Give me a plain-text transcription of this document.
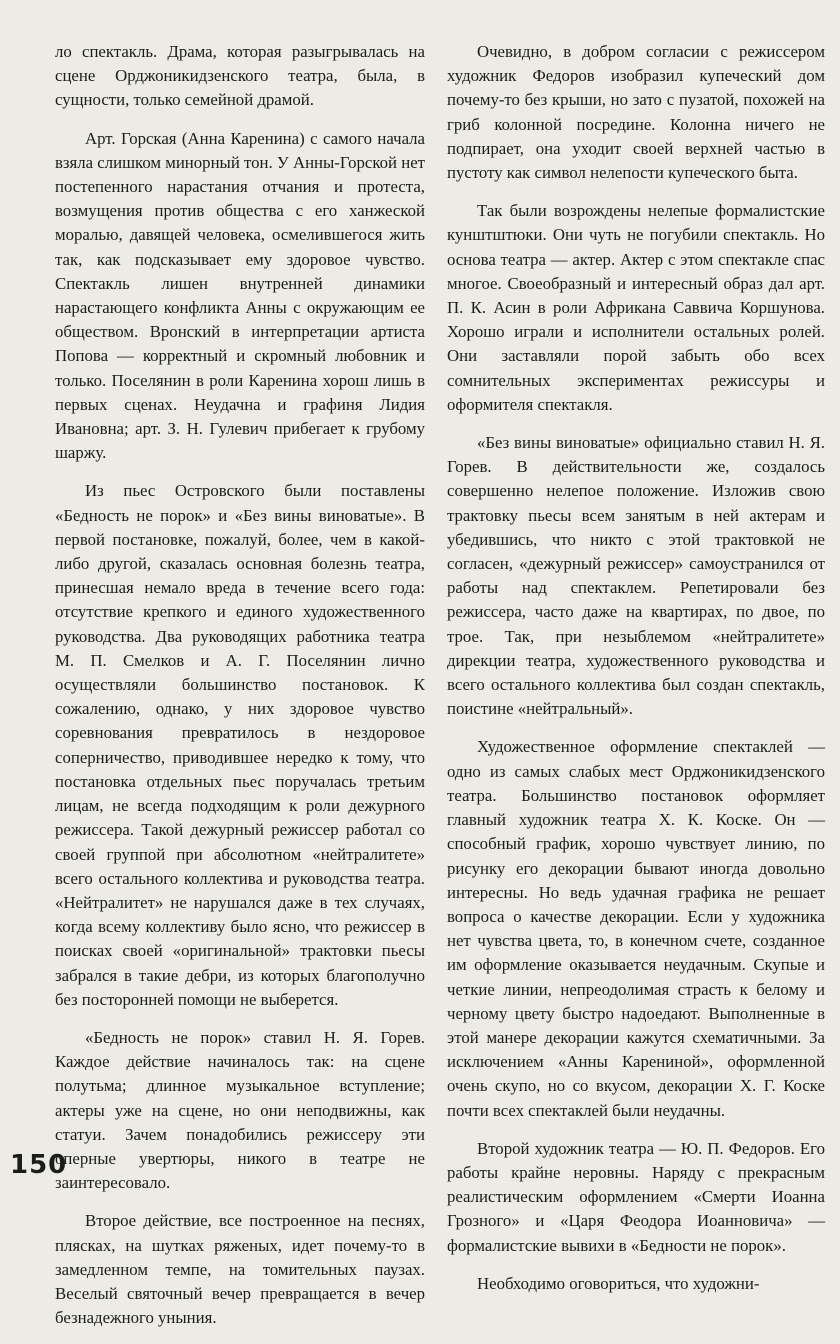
ло спектакль. Драма, которая разыгрывалась на сцене Орджоникидзенского театра, была, в сущности, только семейной драмой.

Арт. Горская (Анна Каренина) с самого начала взяла слишком минорный тон. У Анны-Горской нет постепенного нарастания отчания и протеста, возмущения против общества с его ханжеской моралью, давящей человека, осмелившегося жить так, как подсказывает ему здоровое чувство. Спектакль лишен внутренней динамики нарастающего конфликта Анны с окружающим ее обществом. Вронский в интерпретации артиста Попова — корректный и скромный любовник и только. Поселянин в роли Каренина хорош лишь в первых сценах. Неудачна и графиня Лидия Ивановна; арт. З. Н. Гулевич прибегает к грубому шаржу.

Из пьес Островского были поставлены «Бедность не порок» и «Без вины виноватые». В первой постановке, пожалуй, более, чем в какой-либо другой, сказалась основная болезнь театра, принесшая немало вреда в течение всего года: отсутствие крепкого и единого художественного руководства. Два руководящих работника театра М. П. Смелков и А. Г. Поселянин лично осуществляли большинство постановок. К сожалению, однако, у них здоровое чувство соревнования превратилось в нездоровое соперничество, приводившее нередко к тому, что постановка отдельных пьес поручалась третьим лицам, не всегда подходящим к роли дежурного режиссера. Такой дежурный режиссер работал со своей группой при абсолютном «нейтралитете» всего остального коллектива и руководства театра. «Нейтралитет» не нарушался даже в тех случаях, когда всему коллективу было ясно, что режиссер в поисках своей «оригинальной» трактовки пьесы забрался в такие дебри, из которых благополучно без посторонней помощи не выберется.

«Бедность не порок» ставил Н. Я. Горев. Каждое действие начиналось так: на сцене полутьма; длинное музыкальное вступление; актеры уже на сцене, но они неподвижны, как статуи. Зачем понадобились режиссеру эти оперные увертюры, никого в театре не заинтересовало.

Второе действие, все построенное на песнях, плясках, на шутках ряженых, идет почему-то в замедленном темпе, на томительных паузах. Веселый святочный вечер превращается в вечер безнадежного уныния.

Очевидно, в добром согласии с режиссером художник Федоров изобразил купеческий дом почему-то без крыши, но зато с пузатой, похожей на гриб колонной посредине. Колонна ничего не подпирает, она уходит своей верхней частью в пустоту как символ нелепости купеческого быта.

Так были возрождены нелепые формалистские кунштштюки. Они чуть не погубили спектакль. Но основа театра — актер. Актер с этом спектакле спас многое. Своеобразный и интересный образ дал арт. П. К. Асин в роли Африкана Саввича Коршунова. Хорошо играли и исполнители остальных ролей. Они заставляли порой забыть обо всех сомнительных экспериментах режиссуры и оформителя спектакля.

«Без вины виноватые» официально ставил Н. Я. Горев. В действительности же, создалось совершенно нелепое положение. Изложив свою трактовку пьесы всем занятым в ней актерам и убедившись, что никто с этой трактовкой не согласен, «дежурный режиссер» самоустранился от работы над спектаклем. Репетировали без режиссера, часто даже на квартирах, по двое, по трое. Так, при незыблемом «нейтралитете» дирекции театра, художественного руководства и всего остального коллектива был создан спектакль, поистине «нейтральный».

Художественное оформление спектаклей — одно из самых слабых мест Орджоникидзенского театра. Большинство постановок оформляет главный художник театра Х. К. Коске. Он — способный график, хорошо чувствует линию, по рисунку его декорации бывают иногда довольно интересны. Но ведь удачная графика не решает вопроса о качестве декорации. Если у художника нет чувства цвета, то, в конечном счете, созданное им оформление оказывается неудачным. Скупые и четкие линии, непреодолимая страсть к белому и черному цвету быстро надоедают. Выполненные в этой манере декорации кажутся схематичными. За исключением «Анны Карениной», оформленной очень скупо, но со вкусом, декорации Х. Г. Коске почти всех спектаклей были неудачны.

Второй художник театра — Ю. П. Федоров. Его работы крайне неровны. Наряду с прекрасным реалистическим оформлением «Смерти Иоанна Грозного» и «Царя Феодора Иоанновича» — формалистские вывихи в «Бедности не порок».

Необходимо оговориться, что художни-

150
